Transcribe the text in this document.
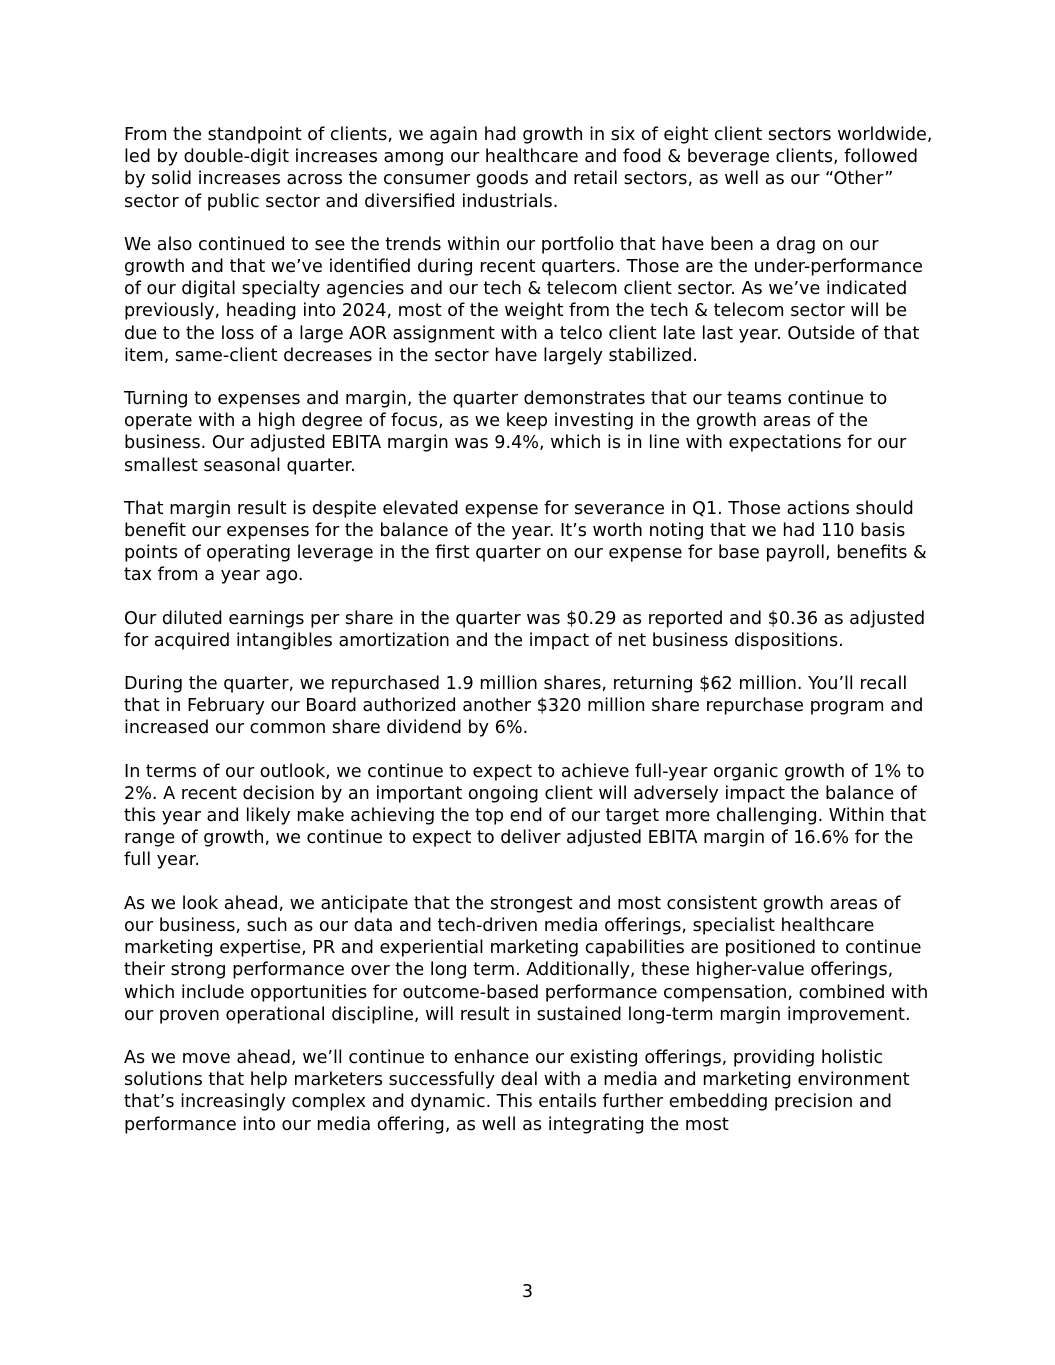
From the standpoint of clients, we again had growth in six of eight client sectors worldwide, led by double-digit increases among our healthcare and food & beverage clients, followed by solid increases across the consumer goods and retail sectors, as well as our “Other” sector of public sector and diversified industrials.

We also continued to see the trends within our portfolio that have been a drag on our growth and that we’ve identified during recent quarters. Those are the under-performance of our digital specialty agencies and our tech & telecom client sector. As we’ve indicated previously, heading into 2024, most of the weight from the tech & telecom sector will be due to the loss of a large AOR assignment with a telco client late last year. Outside of that item, same-client decreases in the sector have largely stabilized.

Turning to expenses and margin, the quarter demonstrates that our teams continue to operate with a high degree of focus, as we keep investing in the growth areas of the business. Our adjusted EBITA margin was 9.4%, which is in line with expectations for our smallest seasonal quarter.

That margin result is despite elevated expense for severance in Q1. Those actions should benefit our expenses for the balance of the year. It’s worth noting that we had 110 basis points of operating leverage in the first quarter on our expense for base payroll, benefits & tax from a year ago.

Our diluted earnings per share in the quarter was $0.29 as reported and $0.36 as adjusted for acquired intangibles amortization and the impact of net business dispositions.

During the quarter, we repurchased 1.9 million shares, returning $62 million. You’ll recall that in February our Board authorized another $320 million share repurchase program and increased our common share dividend by 6%.

In terms of our outlook, we continue to expect to achieve full-year organic growth of 1% to 2%. A recent decision by an important ongoing client will adversely impact the balance of this year and likely make achieving the top end of our target more challenging. Within that range of growth, we continue to expect to deliver adjusted EBITA margin of 16.6% for the full year.

As we look ahead, we anticipate that the strongest and most consistent growth areas of our business, such as our data and tech-driven media offerings, specialist healthcare marketing expertise, PR and experiential marketing capabilities are positioned to continue their strong performance over the long term. Additionally, these higher-value offerings, which include opportunities for outcome-based performance compensation, combined with our proven operational discipline, will result in sustained long-term margin improvement.

As we move ahead, we’ll continue to enhance our existing offerings, providing holistic solutions that help marketers successfully deal with a media and marketing environment that’s increasingly complex and dynamic. This entails further embedding precision and performance into our media offering, as well as integrating the most

3
